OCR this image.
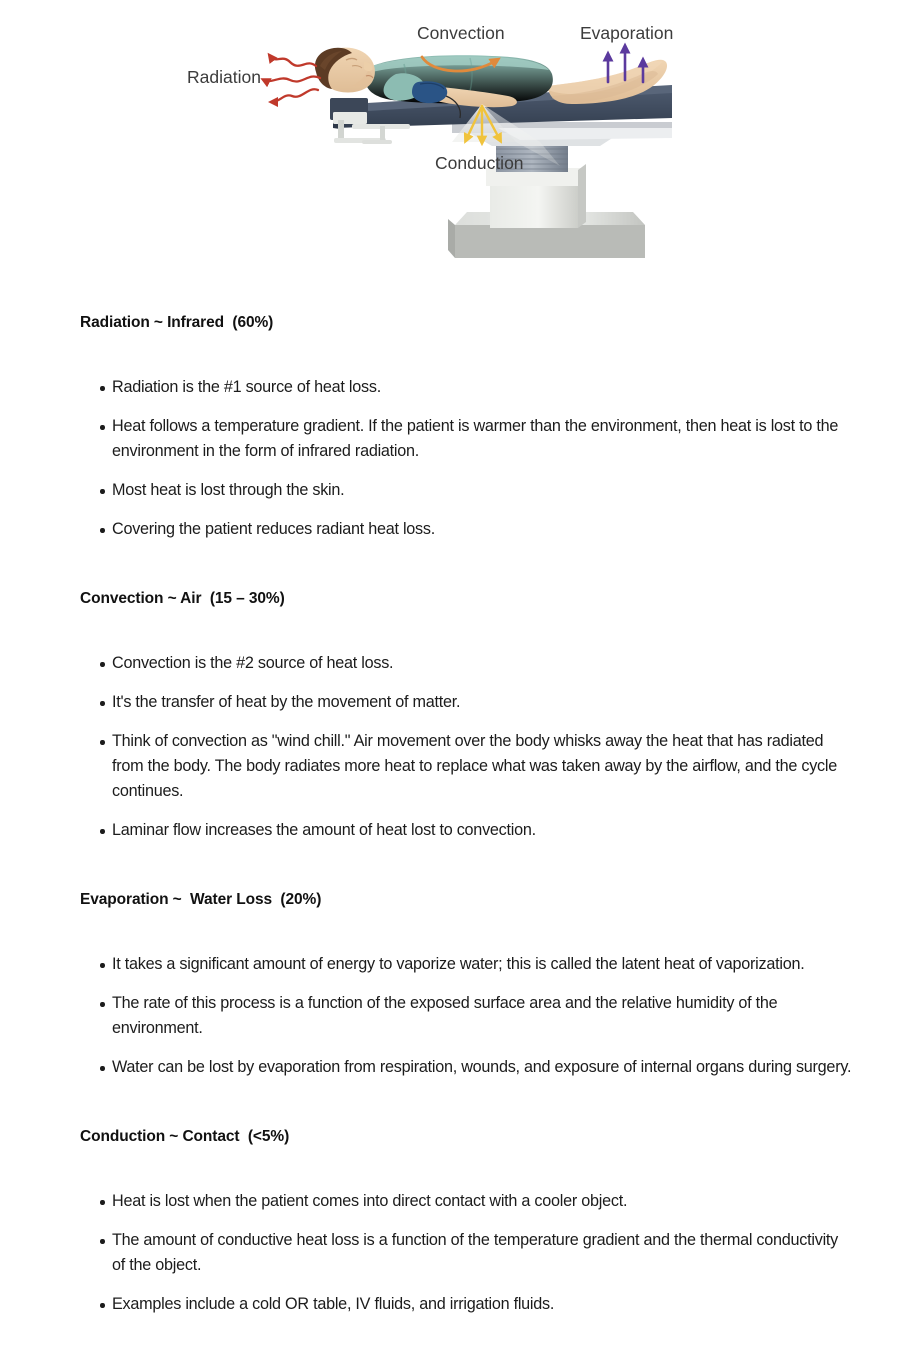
Radiation
Convection	Evaporation
Conduction
Radiation ~ Infrared  (60%)
Radiation is the #1 source of heat loss.
Heat follows a temperature gradient. If the patient is warmer than the environment, then heat is lost to the environment in the form of infrared radiation.
Most heat is lost through the skin.
Covering the patient reduces radiant heat loss.
Convection ~ Air  (15 – 30%)
Convection is the #2 source of heat loss.
It's the transfer of heat by the movement of matter.
Think of convection as "wind chill." Air movement over the body whisks away the heat that has radiated from the body. The body radiates more heat to replace what was taken away by the airflow, and the cycle continues.
Laminar flow increases the amount of heat lost to convection.
Evaporation ~  Water Loss  (20%)
It takes a significant amount of energy to vaporize water; this is called the latent heat of vaporization.
The rate of this process is a function of the exposed surface area and the relative humidity of the environment.
Water can be lost by evaporation from respiration, wounds, and exposure of internal organs during surgery.
Conduction ~ Contact  (<5%)
Heat is lost when the patient comes into direct contact with a cooler object.
The amount of conductive heat loss is a function of the temperature gradient and the thermal conductivity of the object.
Examples include a cold OR table, IV fluids, and irrigation fluids.
